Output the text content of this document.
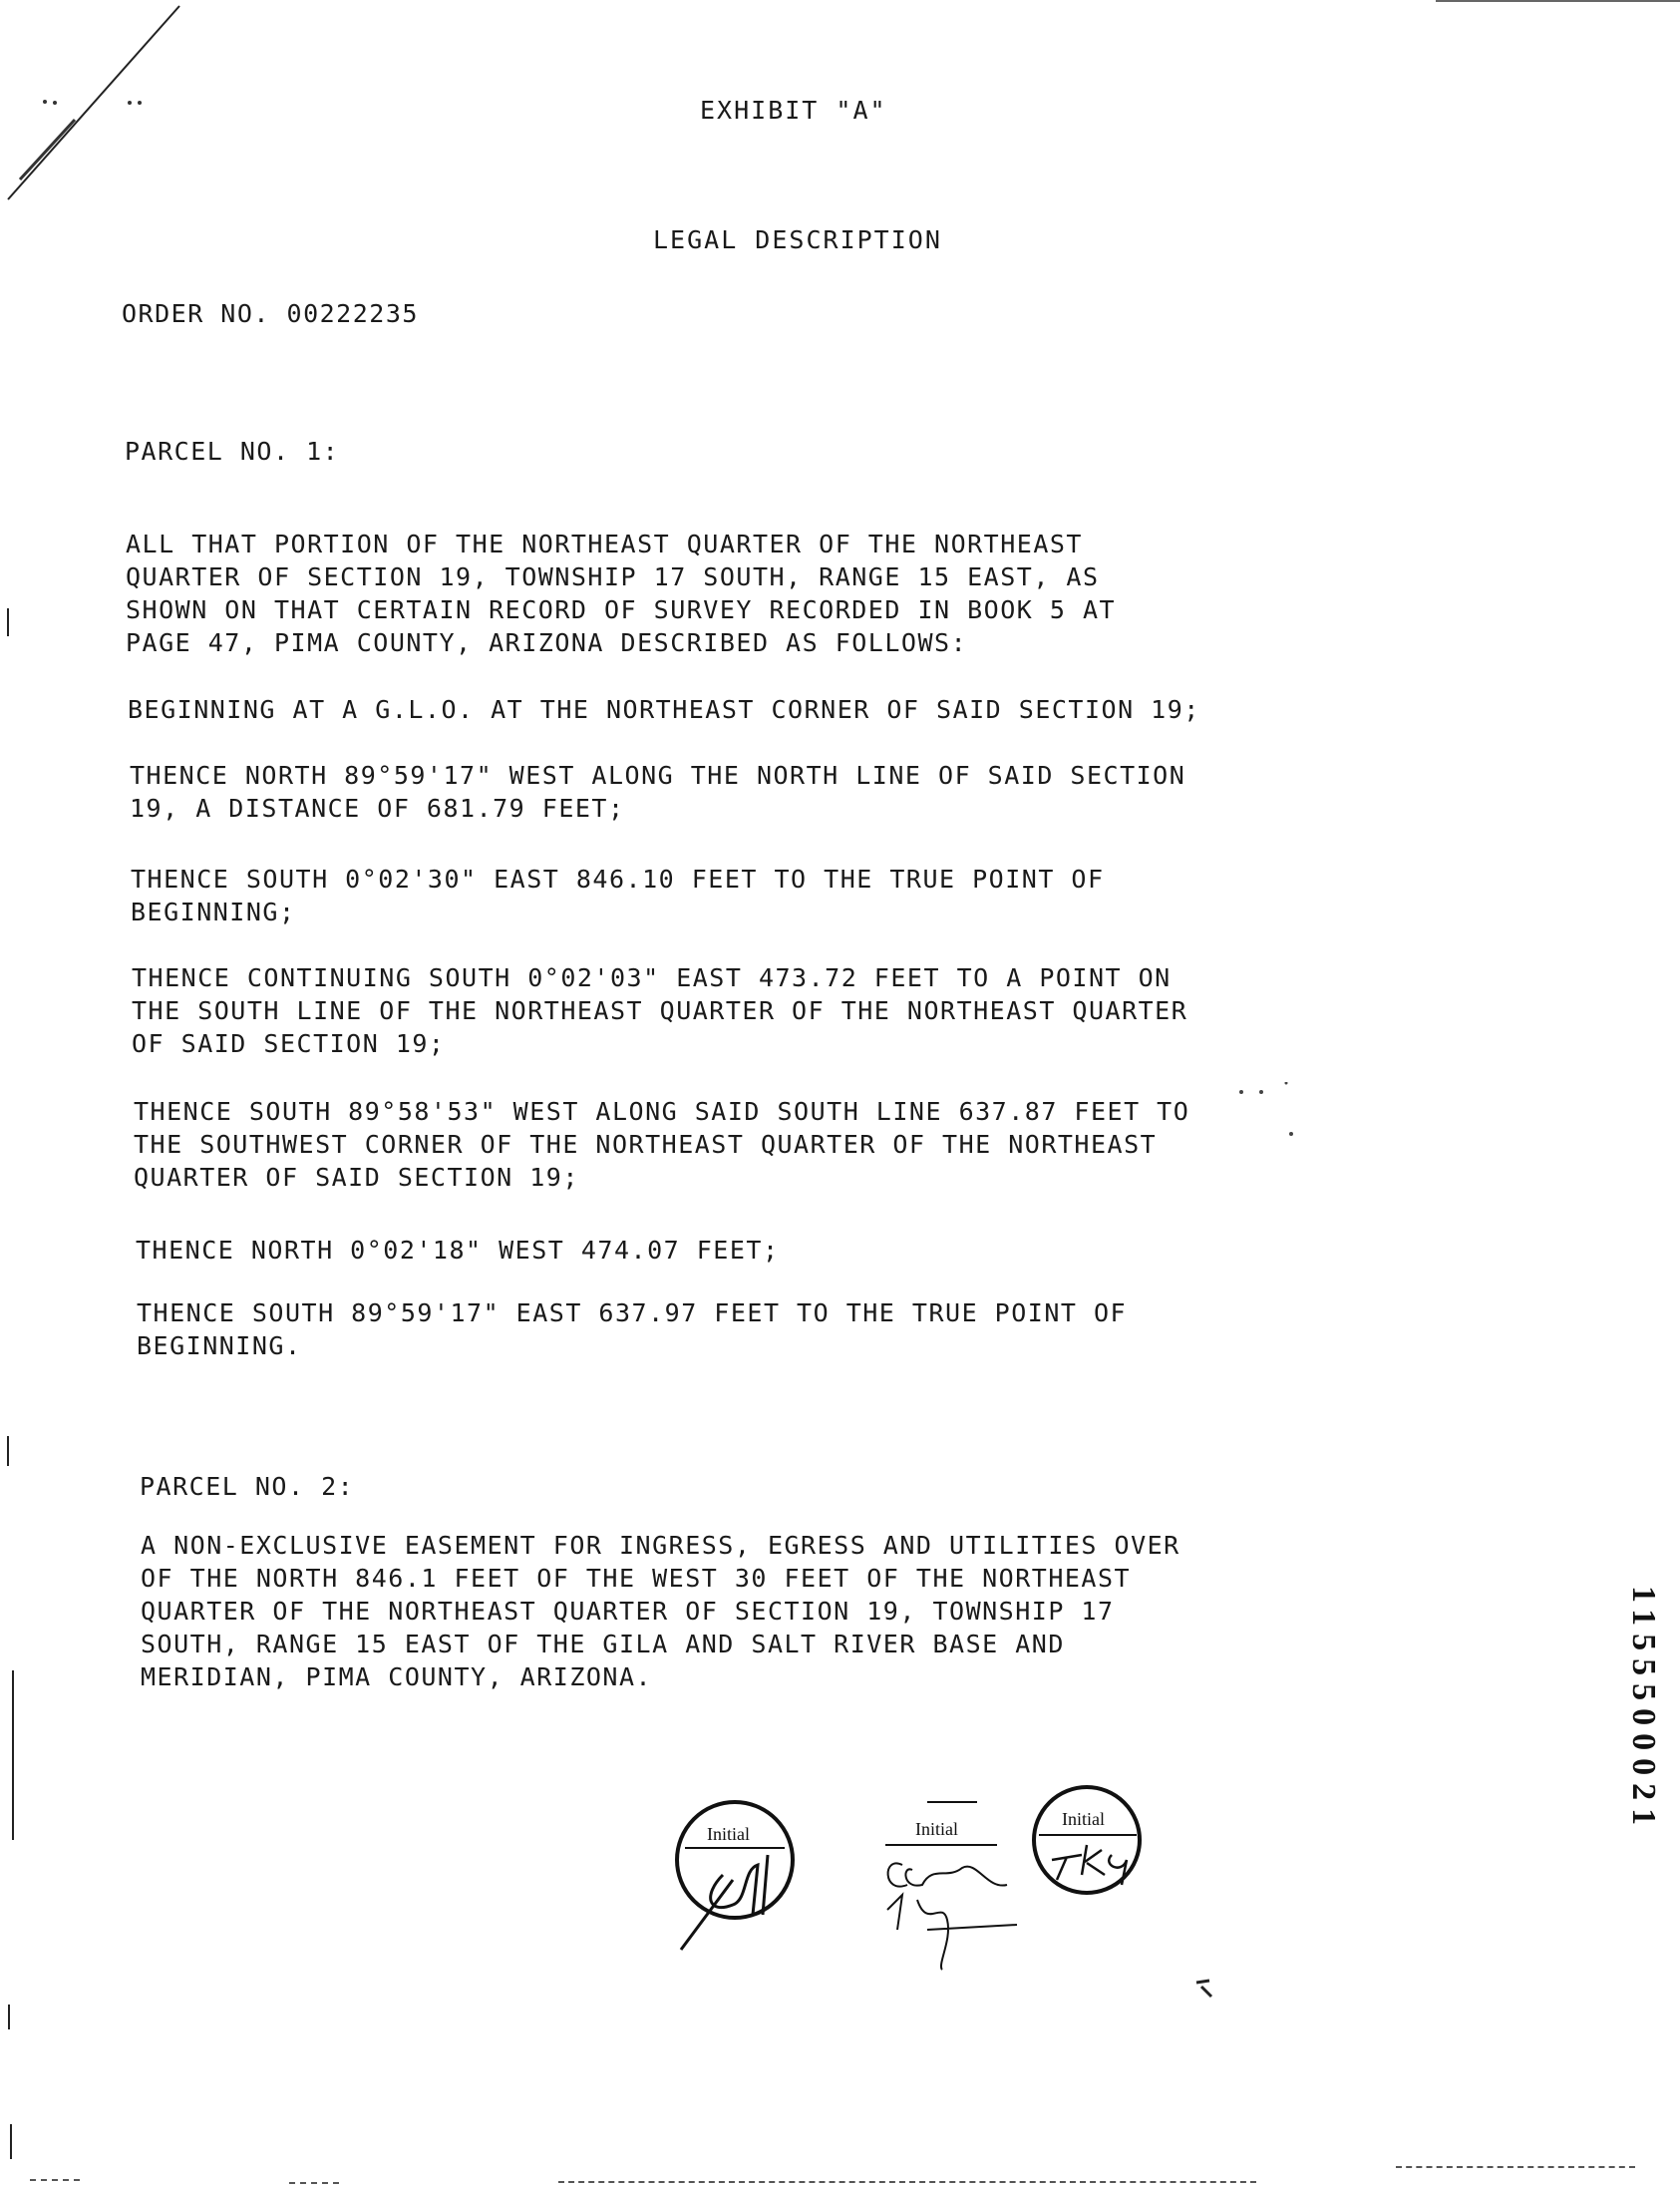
EXHIBIT "A"
LEGAL DESCRIPTION
ORDER NO. 00222235
PARCEL NO. 1:
ALL THAT PORTION OF THE NORTHEAST QUARTER OF THE NORTHEAST
QUARTER OF SECTION 19, TOWNSHIP 17 SOUTH, RANGE 15 EAST, AS
SHOWN ON THAT CERTAIN RECORD OF SURVEY RECORDED IN BOOK 5 AT
PAGE 47, PIMA COUNTY, ARIZONA DESCRIBED AS FOLLOWS:
BEGINNING AT A G.L.O. AT THE NORTHEAST CORNER OF SAID SECTION 19;
THENCE NORTH 89°59'17" WEST ALONG THE NORTH LINE OF SAID SECTION
19, A DISTANCE OF 681.79 FEET;
THENCE SOUTH 0°02'30" EAST 846.10 FEET TO THE TRUE POINT OF
BEGINNING;
THENCE CONTINUING SOUTH 0°02'03" EAST 473.72 FEET TO A POINT ON
THE SOUTH LINE OF THE NORTHEAST QUARTER OF THE NORTHEAST QUARTER
OF SAID SECTION 19;
THENCE SOUTH 89°58'53" WEST ALONG SAID SOUTH LINE 637.87 FEET TO
THE SOUTHWEST CORNER OF THE NORTHEAST QUARTER OF THE NORTHEAST
QUARTER OF SAID SECTION 19;
THENCE NORTH 0°02'18" WEST 474.07 FEET;
THENCE SOUTH 89°59'17" EAST 637.97 FEET TO THE TRUE POINT OF
BEGINNING.
PARCEL NO. 2:
A NON-EXCLUSIVE EASEMENT FOR INGRESS, EGRESS AND UTILITIES OVER
OF THE NORTH 846.1 FEET OF THE WEST 30 FEET OF THE NORTHEAST
QUARTER OF THE NORTHEAST QUARTER OF SECTION 19, TOWNSHIP 17
SOUTH, RANGE 15 EAST OF THE GILA AND SALT RIVER BASE AND
MERIDIAN, PIMA COUNTY, ARIZONA.
Initial	Initial	Initial	1155500021
